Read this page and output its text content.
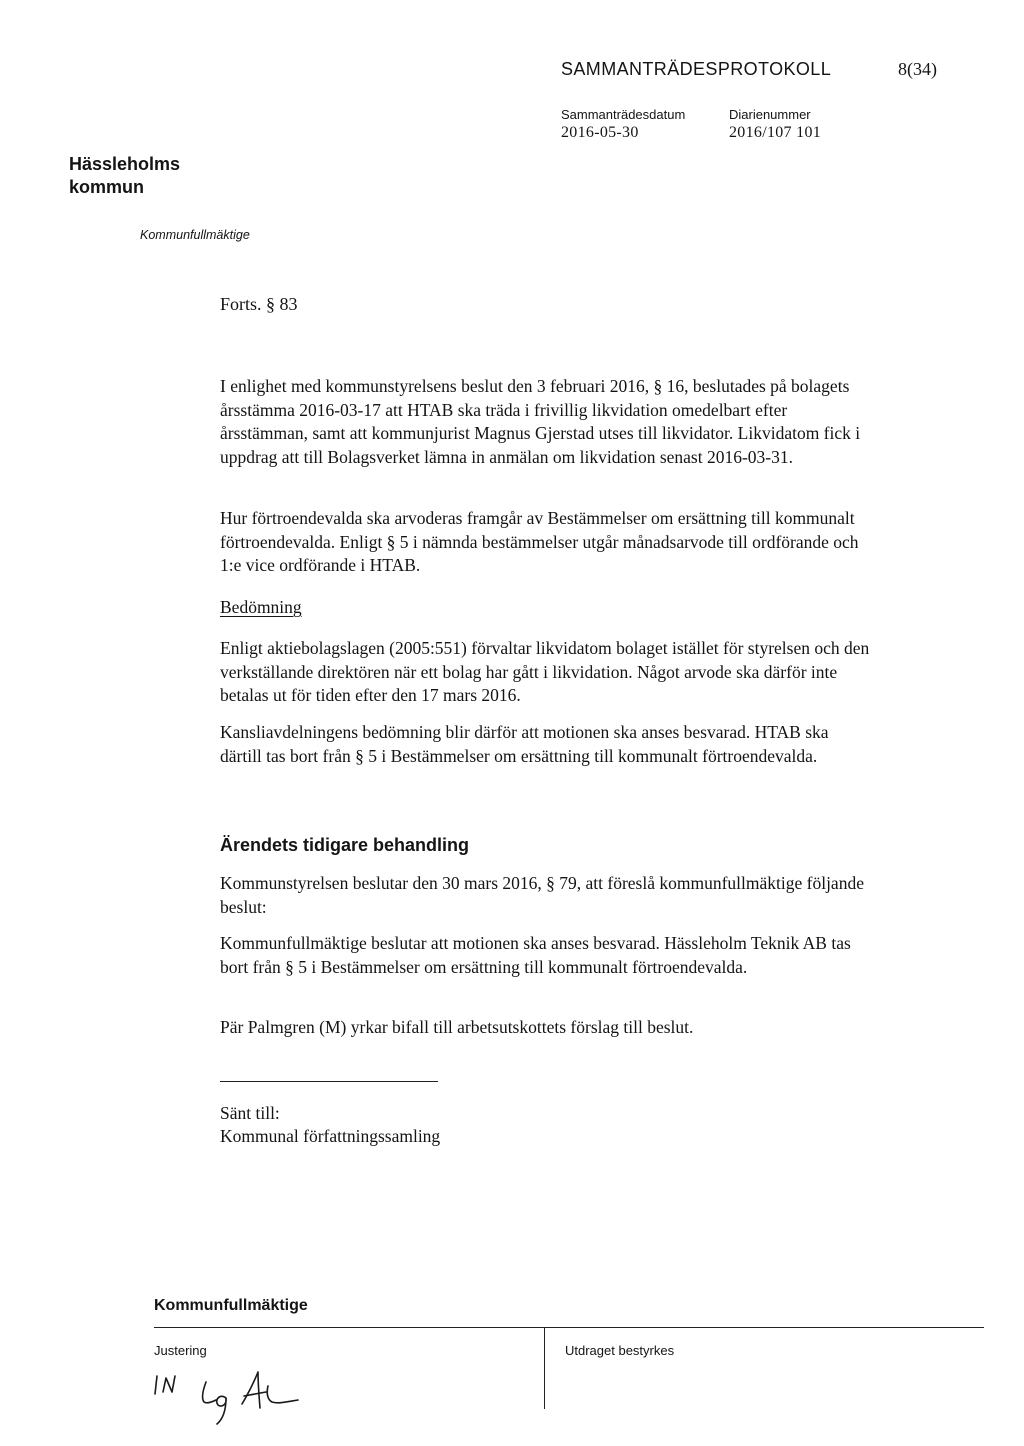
SAMMANTRÄDESPROTOKOLL	8(34)
Sammanträdesdatum
2016-05-30
Diarienummer
2016/107 101
Hässleholms
kommun
Kommunfullmäktige
Forts. § 83

I enlighet med kommunstyrelsens beslut den 3 februari 2016, § 16, beslutades på bolagets årsstämma 2016-03-17 att HTAB ska träda i frivillig likvidation omedelbart efter årsstämman, samt att kommunjurist Magnus Gjerstad utses till likvidator. Likvidatom fick i uppdrag att till Bolagsverket lämna in anmälan om likvidation senast 2016-03-31.

Hur förtroendevalda ska arvoderas framgår av Bestämmelser om ersättning till kommunalt förtroendevalda. Enligt § 5 i nämnda bestämmelser utgår månadsarvode till ordförande och 1:e vice ordförande i HTAB.

Bedömning

Enligt aktiebolagslagen (2005:551) förvaltar likvidatom bolaget istället för styrelsen och den verkställande direktören när ett bolag har gått i likvidation. Något arvode ska därför inte betalas ut för tiden efter den 17 mars 2016.

Kansliavdelningens bedömning blir därför att motionen ska anses besvarad. HTAB ska därtill tas bort från § 5 i Bestämmelser om ersättning till kommunalt förtroendevalda.

Ärendets tidigare behandling

Kommunstyrelsen beslutar den 30 mars 2016, § 79, att föreslå kommunfullmäktige följande beslut:

Kommunfullmäktige beslutar att motionen ska anses besvarad. Hässleholm Teknik AB tas bort från § 5 i Bestämmelser om ersättning till kommunalt förtroendevalda.

Pär Palmgren (M) yrkar bifall till arbetsutskottets förslag till beslut.

Sänt till:
Kommunal författningssamling
Kommunfullmäktige
Justering	Utdraget bestyrkes
